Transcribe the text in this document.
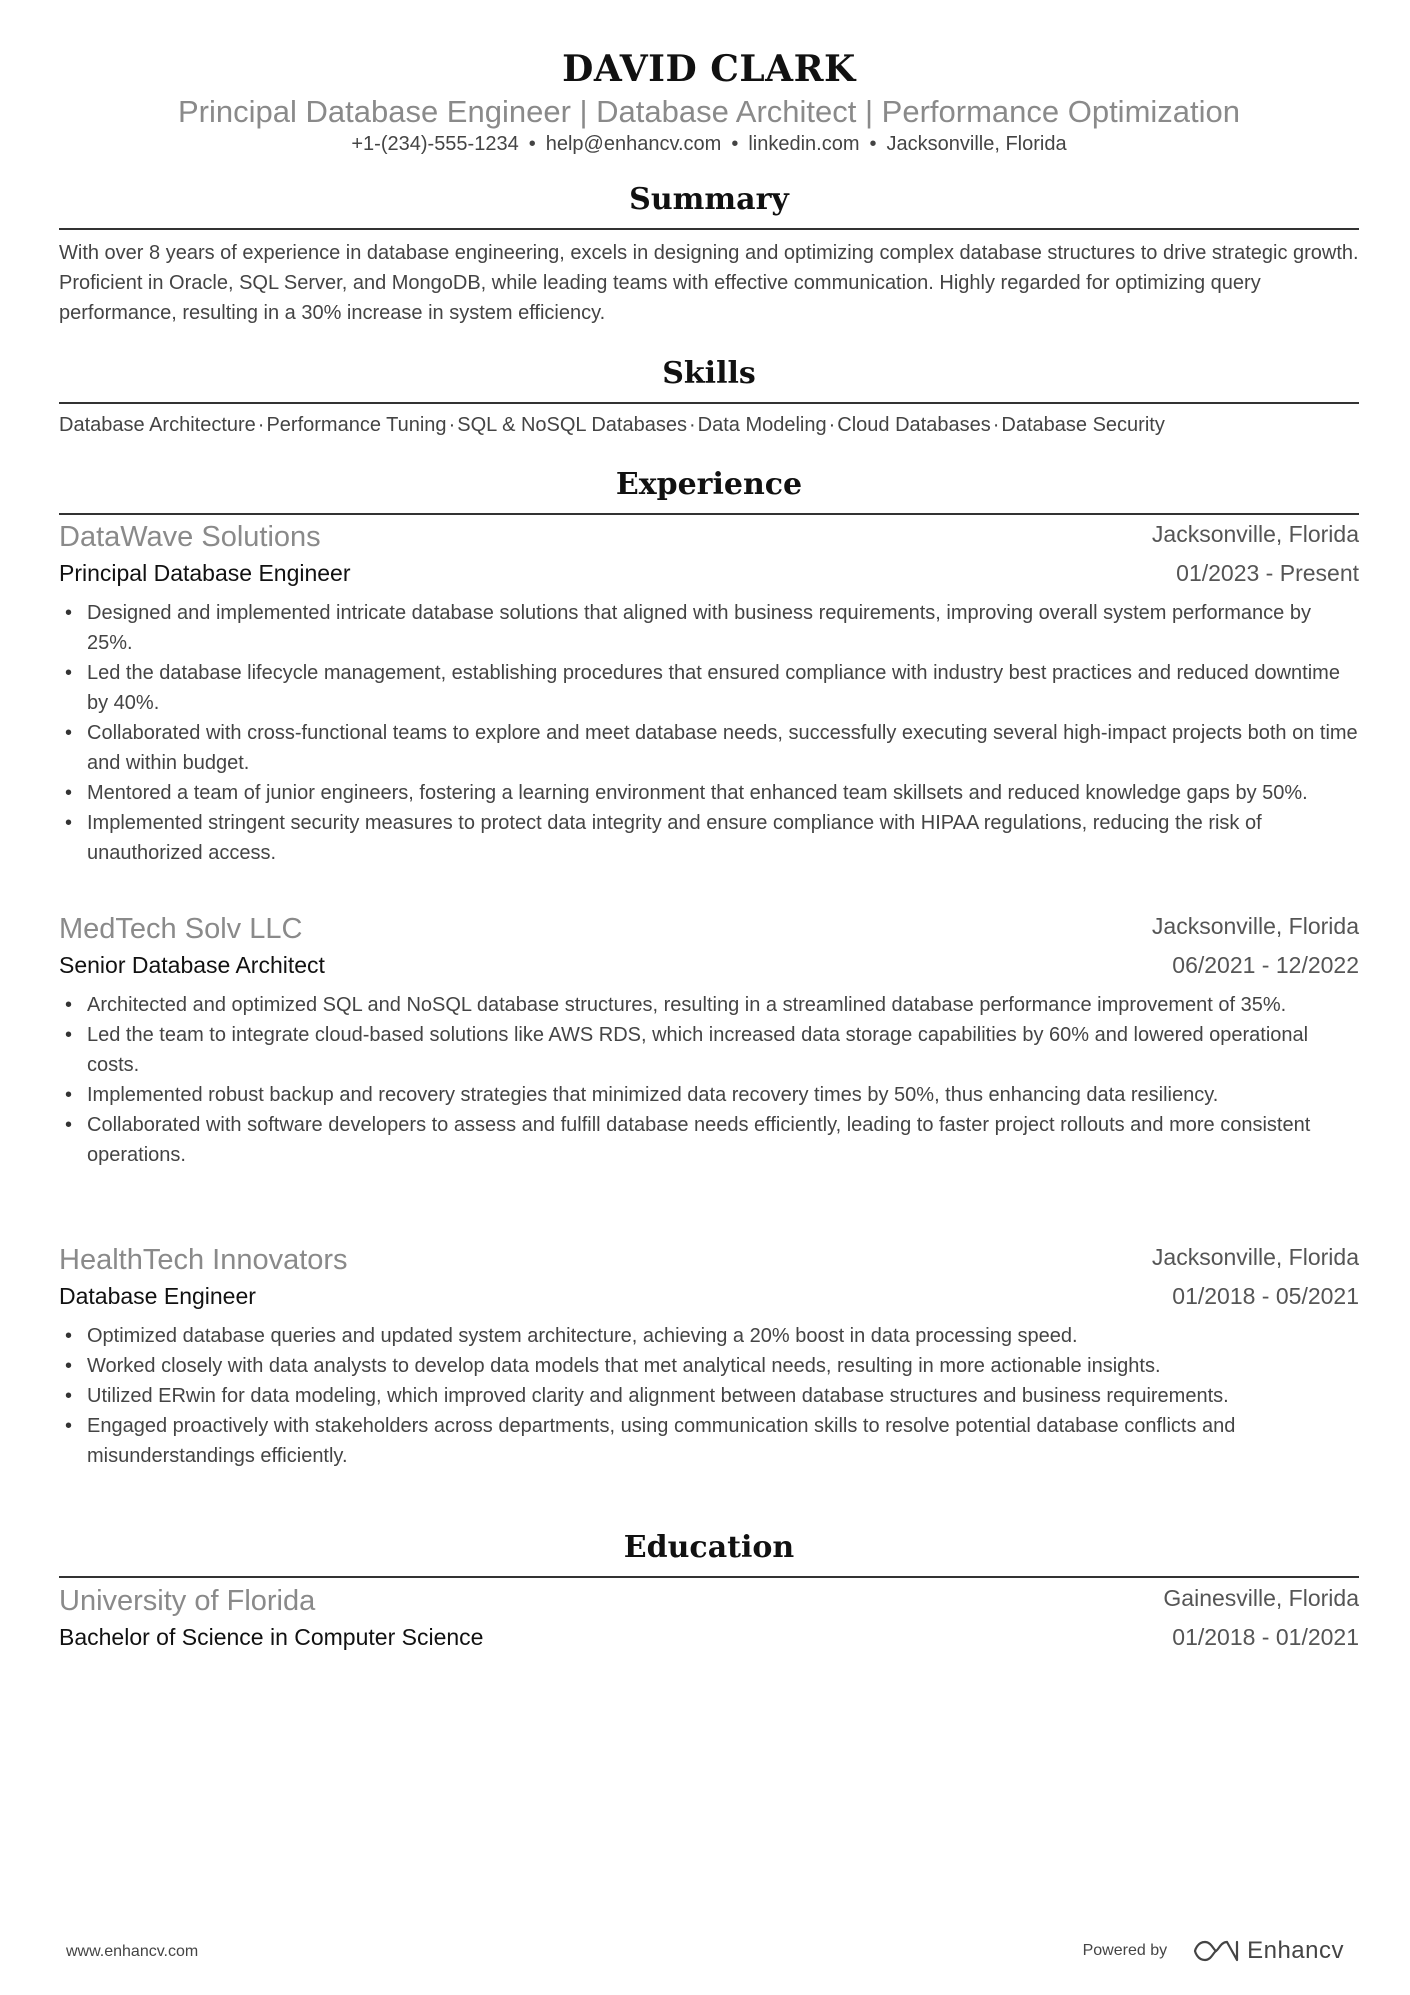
DAVID CLARK
Principal Database Engineer | Database Architect | Performance Optimization
+1-(234)-555-1234 • help@enhancv.com • linkedin.com • Jacksonville, Florida
Summary
With over 8 years of experience in database engineering, excels in designing and optimizing complex database structures to drive strategic growth. Proficient in Oracle, SQL Server, and MongoDB, while leading teams with effective communication. Highly regarded for optimizing query performance, resulting in a 30% increase in system efficiency.
Skills
Database Architecture · Performance Tuning · SQL & NoSQL Databases · Data Modeling · Cloud Databases · Database Security
Experience
DataWave Solutions	Jacksonville, Florida
Principal Database Engineer	01/2023 - Present
• Designed and implemented intricate database solutions that aligned with business requirements, improving overall system performance by 25%.
• Led the database lifecycle management, establishing procedures that ensured compliance with industry best practices and reduced downtime by 40%.
• Collaborated with cross-functional teams to explore and meet database needs, successfully executing several high-impact projects both on time and within budget.
• Mentored a team of junior engineers, fostering a learning environment that enhanced team skillsets and reduced knowledge gaps by 50%.
• Implemented stringent security measures to protect data integrity and ensure compliance with HIPAA regulations, reducing the risk of unauthorized access.
MedTech Solv LLC	Jacksonville, Florida
Senior Database Architect	06/2021 - 12/2022
• Architected and optimized SQL and NoSQL database structures, resulting in a streamlined database performance improvement of 35%.
• Led the team to integrate cloud-based solutions like AWS RDS, which increased data storage capabilities by 60% and lowered operational costs.
• Implemented robust backup and recovery strategies that minimized data recovery times by 50%, thus enhancing data resiliency.
• Collaborated with software developers to assess and fulfill database needs efficiently, leading to faster project rollouts and more consistent operations.
HealthTech Innovators	Jacksonville, Florida
Database Engineer	01/2018 - 05/2021
• Optimized database queries and updated system architecture, achieving a 20% boost in data processing speed.
• Worked closely with data analysts to develop data models that met analytical needs, resulting in more actionable insights.
• Utilized ERwin for data modeling, which improved clarity and alignment between database structures and business requirements.
• Engaged proactively with stakeholders across departments, using communication skills to resolve potential database conflicts and misunderstandings efficiently.
Education
University of Florida	Gainesville, Florida
Bachelor of Science in Computer Science	01/2018 - 01/2021
www.enhancv.com	Powered by	Enhancv
